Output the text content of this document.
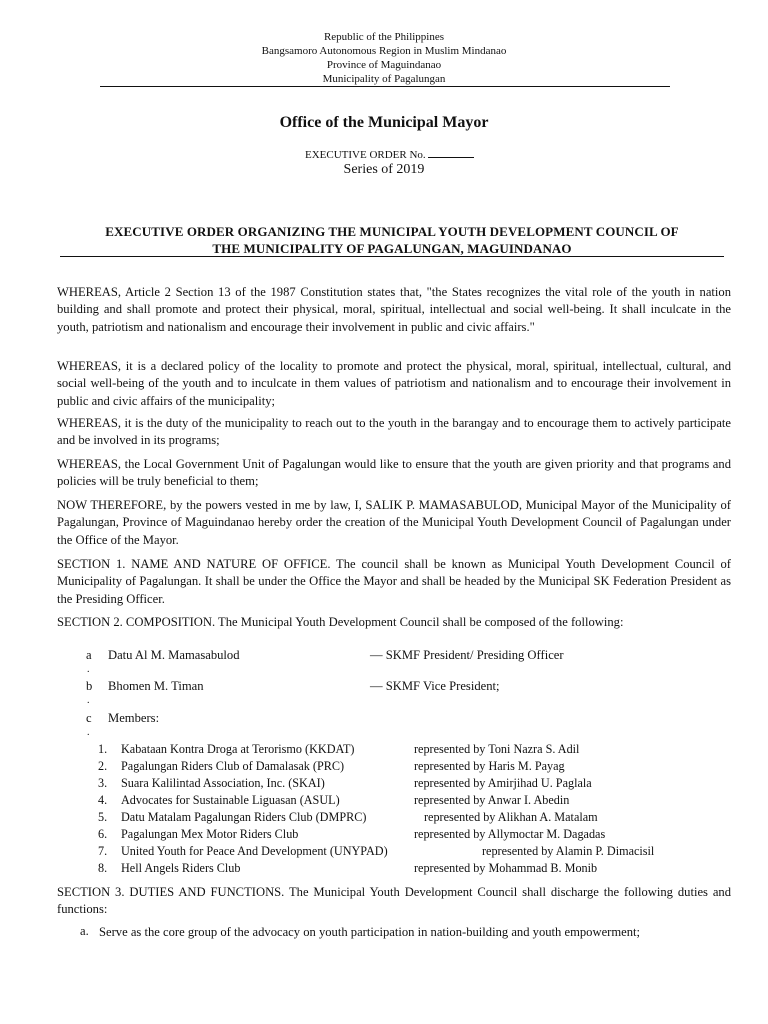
Republic of the Philippines
Bangsamoro Autonomous Region in Muslim Mindanao
Province of Maguindanao
Municipality of Pagalungan
Office of the Municipal Mayor
EXECUTIVE ORDER No.
Series of 2019
EXECUTIVE ORDER ORGANIZING THE MUNICIPAL YOUTH DEVELOPMENT COUNCIL OF
THE MUNICIPALITY OF PAGALUNGAN, MAGUINDANAO
WHEREAS, Article 2 Section 13 of the 1987 Constitution states that, "the States recognizes the vital role of the youth in nation building and shall promote and protect their physical, moral, spiritual, intellectual and social well-being. It shall inculcate in the youth, patriotism and nationalism and encourage their involvement in public and civic affairs."
WHEREAS, it is a declared policy of the locality to promote and protect the physical, moral, spiritual, intellectual, cultural, and social well-being of the youth and to inculcate in them values of patriotism and nationalism and to encourage their involvement in public and civic affairs of the municipality;
WHEREAS, it is the duty of the municipality to reach out to the youth in the barangay and to encourage them to actively participate and be involved in its programs;
WHEREAS, the Local Government Unit of Pagalungan would like to ensure that the youth are given priority and that programs and policies will be truly beneficial to them;
NOW THEREFORE, by the powers vested in me by law, I, SALIK P. MAMASABULOD, Municipal Mayor of the Municipality of Pagalungan, Province of Maguindanao hereby order the creation of the Municipal Youth Development Council of Pagalungan under the Office of the Mayor.
SECTION 1. NAME AND NATURE OF OFFICE. The council shall be known as Municipal Youth Development Council of Municipality of Pagalungan. It shall be under the Office the Mayor and shall be headed by the Municipal SK Federation President as the Presiding Officer.
SECTION 2. COMPOSITION. The Municipal Youth Development Council shall be composed of the following:
a
.
Datu Al M. Mamasabulod	— SKMF President/ Presiding Officer
b
.
Bhomen M. Timan	— SKMF Vice President;
c
.
Members:
1. Kabataan Kontra Droga at Terorismo (KKDAT)	represented by Toni Nazra S. Adil
2. Pagalungan Riders Club of Damalasak (PRC)	represented by Haris M. Payag
3. Suara Kalilintad Association, Inc. (SKAI)	represented by Amirjihad U. Paglala
4. Advocates for Sustainable Liguasan (ASUL)	represented by Anwar I. Abedin
5. Datu Matalam Pagalungan Riders Club (DMPRC)	represented by Alikhan A. Matalam
6. Pagalungan Mex Motor Riders Club	represented by Allymoctar M. Dagadas
7. United Youth for Peace And Development (UNYPAD)	represented by Alamin P. Dimacisil
8. Hell Angels Riders Club	represented by Mohammad B. Monib
SECTION 3. DUTIES AND FUNCTIONS. The Municipal Youth Development Council shall discharge the following duties and functions:
a. Serve as the core group of the advocacy on youth participation in nation-building and youth empowerment;
